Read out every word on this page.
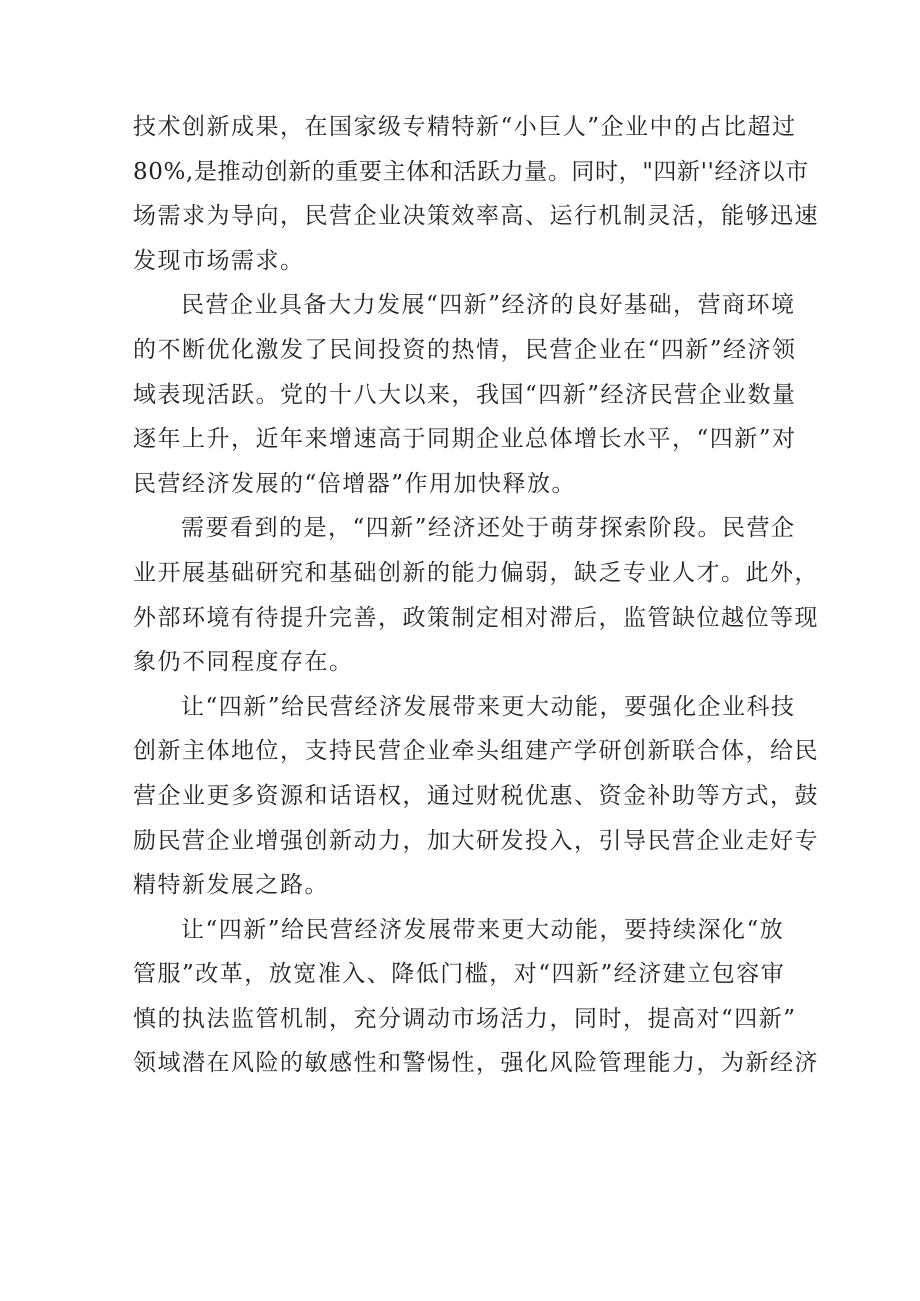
技术创新成果，在国家级专精特新“小巨人”企业中的占比超过
80%,是推动创新的重要主体和活跃力量。同时，"四新''经济以市
场需求为导向，民营企业决策效率高、运行机制灵活，能够迅速
发现市场需求。

民营企业具备大力发展“四新”经济的良好基础，营商环境
的不断优化激发了民间投资的热情，民营企业在“四新”经济领
域表现活跃。党的十八大以来，我国“四新”经济民营企业数量
逐年上升，近年来增速高于同期企业总体增长水平，“四新”对
民营经济发展的“倍增器”作用加快释放。

需要看到的是，“四新”经济还处于萌芽探索阶段。民营企
业开展基础研究和基础创新的能力偏弱，缺乏专业人才。此外，
外部环境有待提升完善，政策制定相对滞后，监管缺位越位等现
象仍不同程度存在。

让“四新”给民营经济发展带来更大动能，要强化企业科技
创新主体地位，支持民营企业牵头组建产学研创新联合体，给民
营企业更多资源和话语权，通过财税优惠、资金补助等方式，鼓
励民营企业增强创新动力，加大研发投入，引导民营企业走好专
精特新发展之路。

让“四新”给民营经济发展带来更大动能，要持续深化“放
管服”改革，放宽准入、降低门槛，对“四新”经济建立包容审
慎的执法监管机制，充分调动市场活力，同时，提高对“四新”
领域潜在风险的敏感性和警惕性，强化风险管理能力，为新经济
